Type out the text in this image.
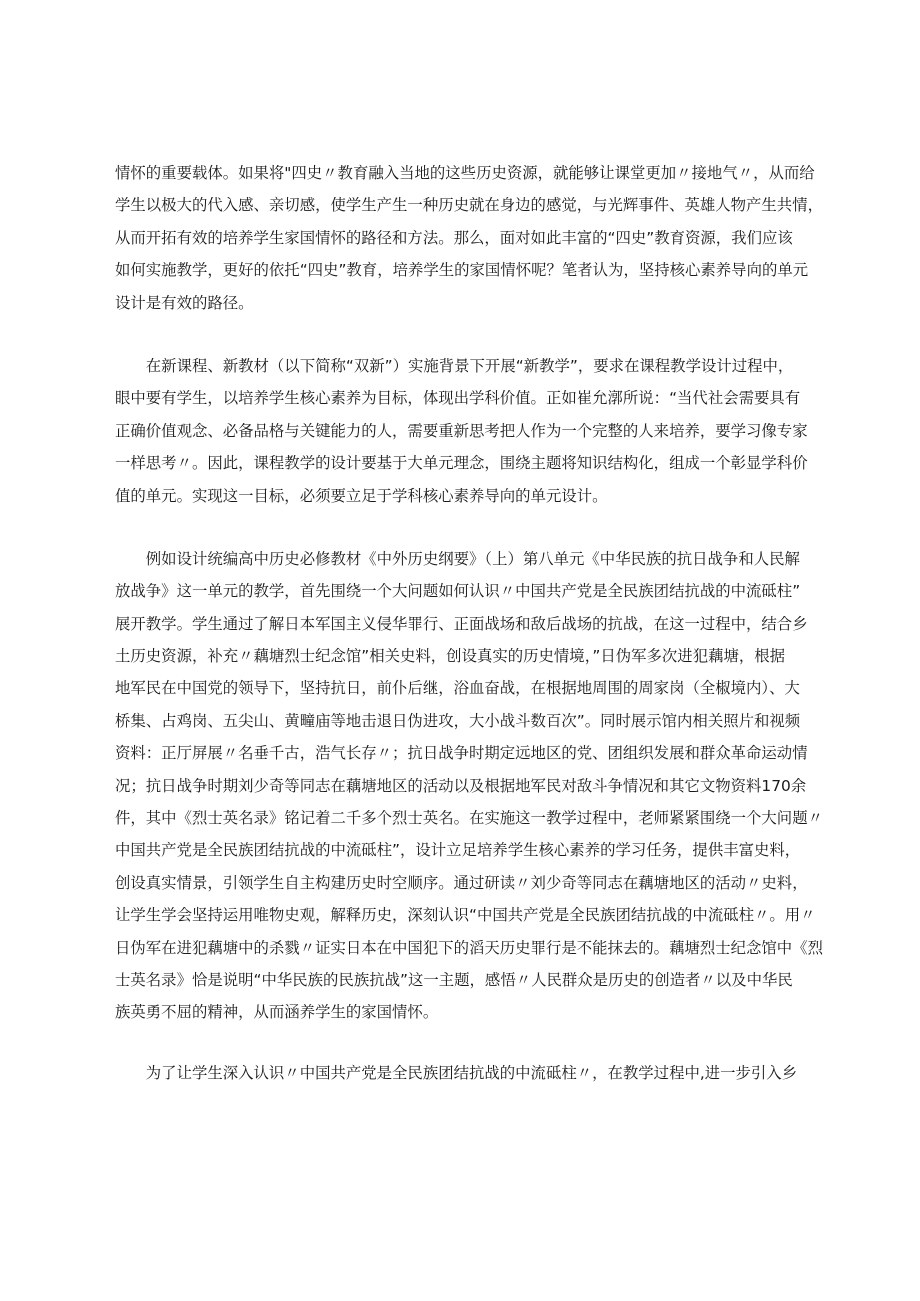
情怀的重要载体。如果将"四史〃教育融入当地的这些历史资源，就能够让课堂更加〃接地气〃，从而给
学生以极大的代入感、亲切感，使学生产生一种历史就在身边的感觉，与光辉事件、英雄人物产生共情，
从而开拓有效的培养学生家国情怀的路径和方法。那么，面对如此丰富的“四史”教育资源，我们应该
如何实施教学，更好的依托“四史”教育，培养学生的家国情怀呢？笔者认为，坚持核心素养导向的单元
设计是有效的路径。

　　在新课程、新教材（以下简称“双新”）实施背景下开展“新教学”，要求在课程教学设计过程中，
眼中要有学生，以培养学生核心素养为目标，体现出学科价值。正如崔允漷所说：“当代社会需要具有
正确价值观念、必备品格与关键能力的人，需要重新思考把人作为一个完整的人来培养，要学习像专家
一样思考〃。因此，课程教学的设计要基于大单元理念，围绕主题将知识结构化，组成一个彰显学科价
值的单元。实现这一目标，必须要立足于学科核心素养导向的单元设计。

　　例如设计统编高中历史必修教材《中外历史纲要》（上）第八单元《中华民族的抗日战争和人民解
放战争》这一单元的教学，首先围绕一个大问题如何认识〃中国共产党是全民族团结抗战的中流砥柱”
展开教学。学生通过了解日本军国主义侵华罪行、正面战场和敌后战场的抗战，在这一过程中，结合乡
土历史资源，补充〃藕塘烈士纪念馆”相关史料，创设真实的历史情境，”日伪军多次进犯藕塘，根据
地军民在中国党的领导下，坚持抗日，前仆后继，浴血奋战，在根据地周围的周家岗（全椒境内）、大
桥集、占鸡岗、五尖山、黄疃庙等地击退日伪进攻，大小战斗数百次”。同时展示馆内相关照片和视频
资料：正厅屏展〃名垂千古，浩气长存〃；抗日战争时期定远地区的党、团组织发展和群众革命运动情
况；抗日战争时期刘少奇等同志在藕塘地区的活动以及根据地军民对敌斗争情况和其它文物资料170余
件，其中《烈士英名录》铭记着二千多个烈士英名。在实施这一教学过程中，老师紧紧围绕一个大问题〃
中国共产党是全民族团结抗战的中流砥柱”，设计立足培养学生核心素养的学习任务，提供丰富史料，
创设真实情景，引领学生自主构建历史时空顺序。通过研读〃刘少奇等同志在藕塘地区的活动〃史料，
让学生学会坚持运用唯物史观，解释历史，深刻认识“中国共产党是全民族团结抗战的中流砥柱〃。用〃
日伪军在进犯藕塘中的杀戮〃证实日本在中国犯下的滔天历史罪行是不能抹去的。藕塘烈士纪念馆中《烈
士英名录》恰是说明“中华民族的民族抗战”这一主题，感悟〃人民群众是历史的创造者〃以及中华民
族英勇不屈的精神，从而涵养学生的家国情怀。

　　为了让学生深入认识〃中国共产党是全民族团结抗战的中流砥柱〃，在教学过程中,进一步引入乡
